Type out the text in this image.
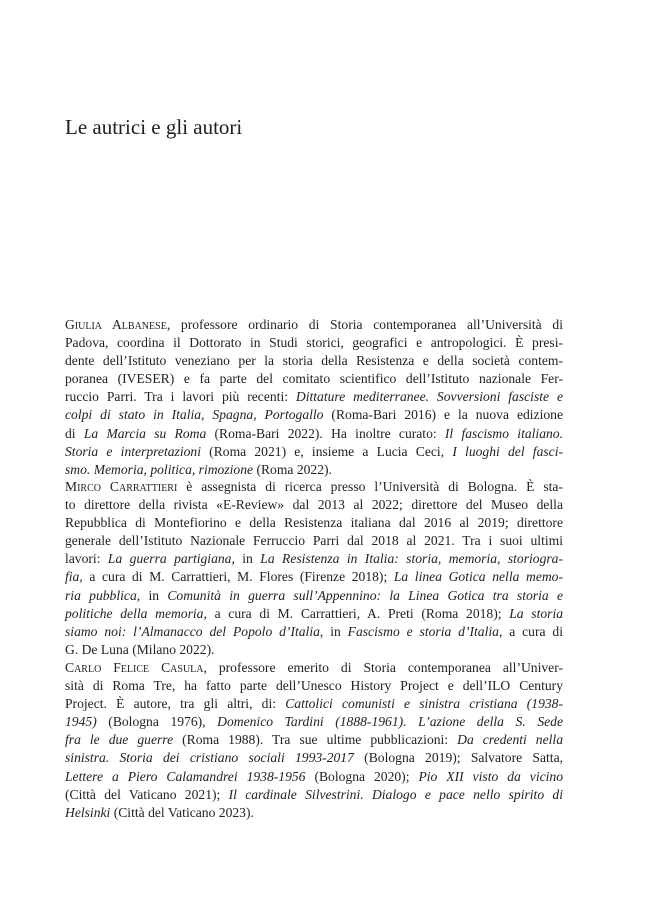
Le autrici e gli autori
Giulia Albanese, professore ordinario di Storia contemporanea all’Università di
Padova, coordina il Dottorato in Studi storici, geografici e antropologici. È presi-
dente dell’Istituto veneziano per la storia della Resistenza e della società contem-
poranea (IVESER) e fa parte del comitato scientifico dell’Istituto nazionale Fer-
ruccio Parri. Tra i lavori più recenti: Dittature mediterranee. Sovversioni fasciste e
colpi di stato in Italia, Spagna, Portogallo (Roma-Bari 2016) e la nuova edizione
di La Marcia su Roma (Roma-Bari 2022). Ha inoltre curato: Il fascismo italiano.
Storia e interpretazioni (Roma 2021) e, insieme a Lucia Ceci, I luoghi del fasci-
smo. Memoria, politica, rimozione (Roma 2022).
Mirco Carrattieri è assegnista di ricerca presso l’Università di Bologna. È sta-
to direttore della rivista «E-Review» dal 2013 al 2022; direttore del Museo della
Repubblica di Montefiorino e della Resistenza italiana dal 2016 al 2019; direttore
generale dell’Istituto Nazionale Ferruccio Parri dal 2018 al 2021. Tra i suoi ultimi
lavori: La guerra partigiana, in La Resistenza in Italia: storia, memoria, storiogra-
fia, a cura di M. Carrattieri, M. Flores (Firenze 2018); La linea Gotica nella memo-
ria pubblica, in Comunità in guerra sull’Appennino: la Linea Gotica tra storia e
politiche della memoria, a cura di M. Carrattieri, A. Preti (Roma 2018); La storia
siamo noi: l’Almanacco del Popolo d’Italia, in Fascismo e storia d’Italia, a cura di
G. De Luna (Milano 2022).
Carlo Felice Casula, professore emerito di Storia contemporanea all’Univer-
sità di Roma Tre, ha fatto parte dell’Unesco History Project e dell’ILO Century
Project. È autore, tra gli altri, di: Cattolici comunisti e sinistra cristiana (1938-
1945) (Bologna 1976), Domenico Tardini (1888-1961). L’azione della S. Sede
fra le due guerre (Roma 1988). Tra sue ultime pubblicazioni: Da credenti nella
sinistra. Storia dei cristiano sociali 1993-2017 (Bologna 2019); Salvatore Satta,
Lettere a Piero Calamandrei 1938-1956 (Bologna 2020); Pio XII visto da vicino
(Città del Vaticano 2021); Il cardinale Silvestrini. Dialogo e pace nello spirito di
Helsinki (Città del Vaticano 2023).
